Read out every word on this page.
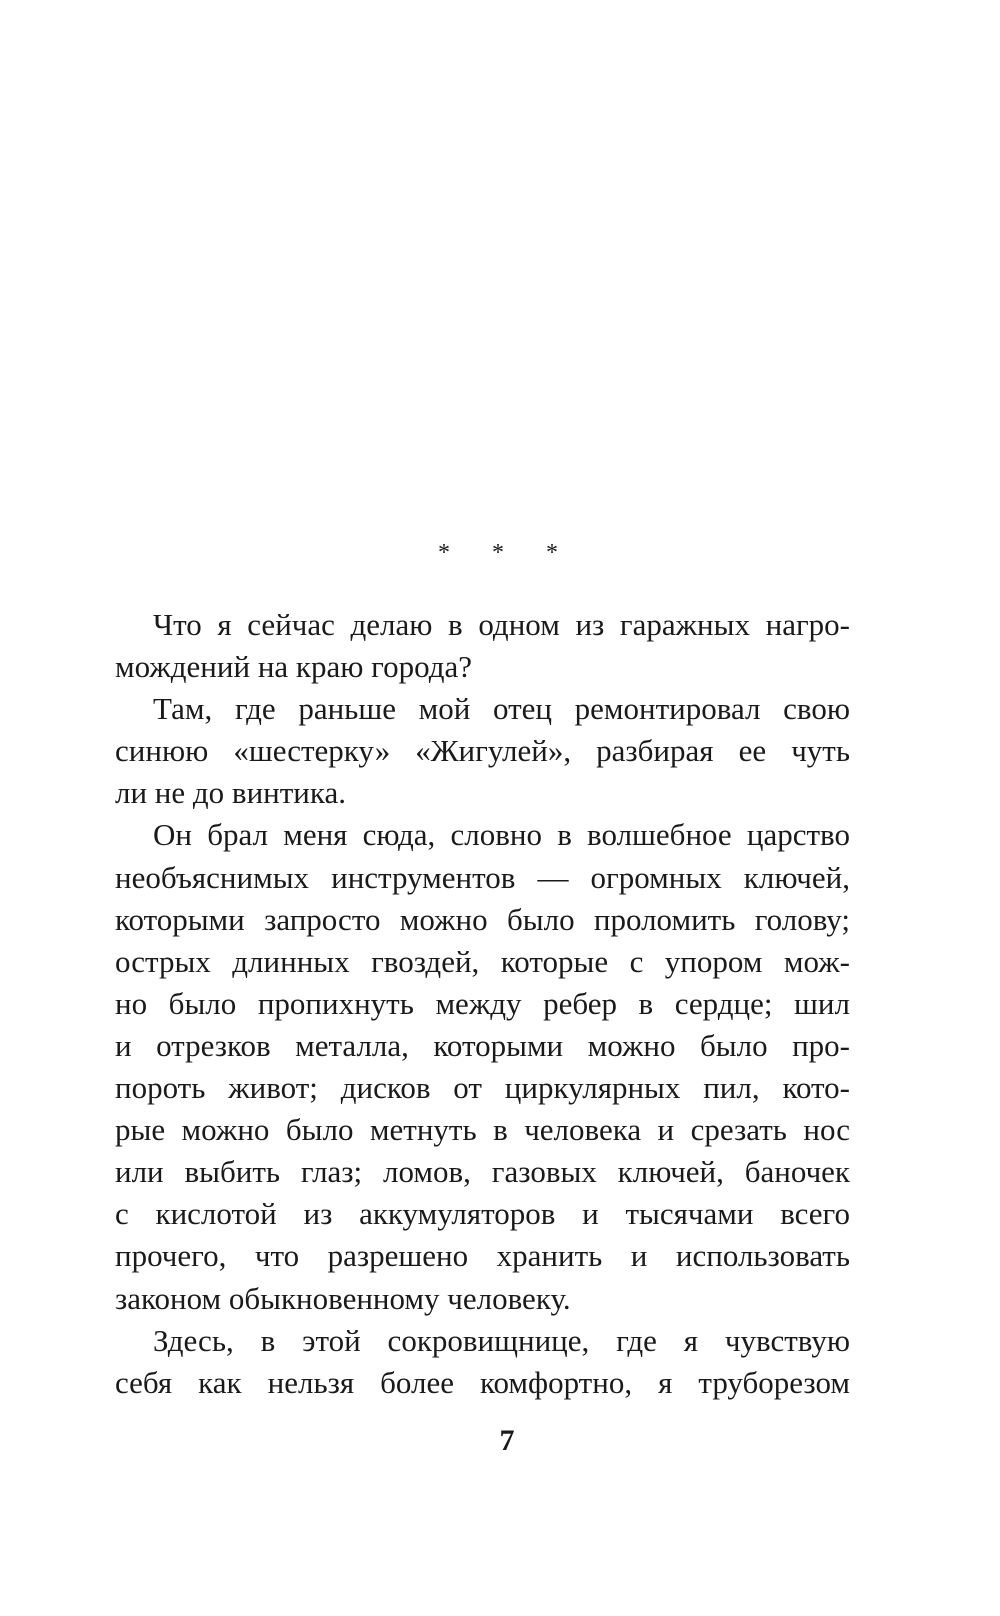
* * *
Что я сейчас делаю в одном из гаражных нагро-
мождений на краю города?
Там, где раньше мой отец ремонтировал свою
синюю «шестерку» «Жигулей», разбирая ее чуть
ли не до винтика.
Он брал меня сюда, словно в волшебное царство
необъяснимых инструментов — огромных ключей,
которыми запросто можно было проломить голову;
острых длинных гвоздей, которые с упором мож-
но было пропихнуть между ребер в сердце; шил
и отрезков металла, которыми можно было про-
пороть живот; дисков от циркулярных пил, кото-
рые можно было метнуть в человека и срезать нос
или выбить глаз; ломов, газовых ключей, баночек
с кислотой из аккумуляторов и тысячами всего
прочего, что разрешено хранить и использовать
законом обыкновенному человеку.
Здесь, в этой сокровищнице, где я чувствую
себя как нельзя более комфортно, я труборезом
7
